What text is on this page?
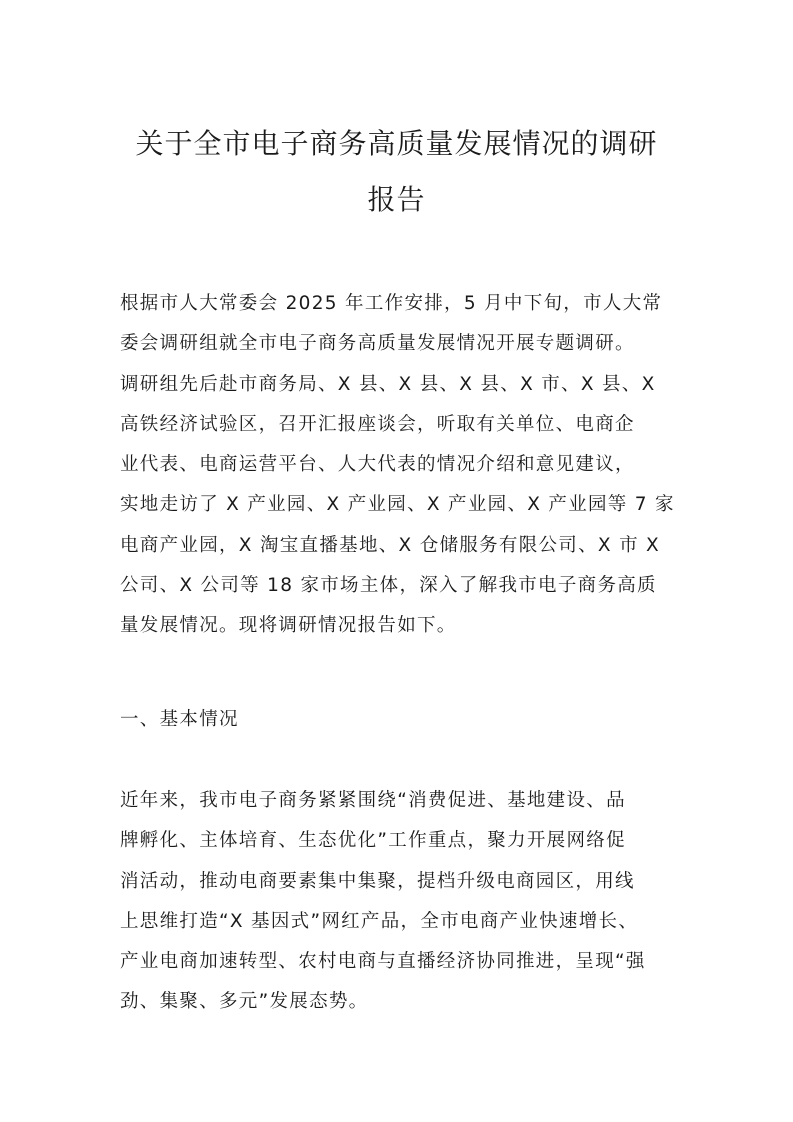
关于全市电子商务高质量发展情况的调研
报告
根据市人大常委会 2025 年工作安排，5 月中下旬，市人大常
委会调研组就全市电子商务高质量发展情况开展专题调研。
调研组先后赴市商务局、X 县、X 县、X 县、X 市、X 县、X
高铁经济试验区，召开汇报座谈会，听取有关单位、电商企
业代表、电商运营平台、人大代表的情况介绍和意见建议，
实地走访了 X 产业园、X 产业园、X 产业园、X 产业园等 7 家
电商产业园，X 淘宝直播基地、X 仓储服务有限公司、X 市 X
公司、X 公司等 18 家市场主体，深入了解我市电子商务高质
量发展情况。现将调研情况报告如下。
一、基本情况
近年来，我市电子商务紧紧围绕“消费促进、基地建设、品
牌孵化、主体培育、生态优化”工作重点，聚力开展网络促
消活动，推动电商要素集中集聚，提档升级电商园区，用线
上思维打造“X 基因式”网红产品，全市电商产业快速增长、
产业电商加速转型、农村电商与直播经济协同推进，呈现“强
劲、集聚、多元”发展态势。
